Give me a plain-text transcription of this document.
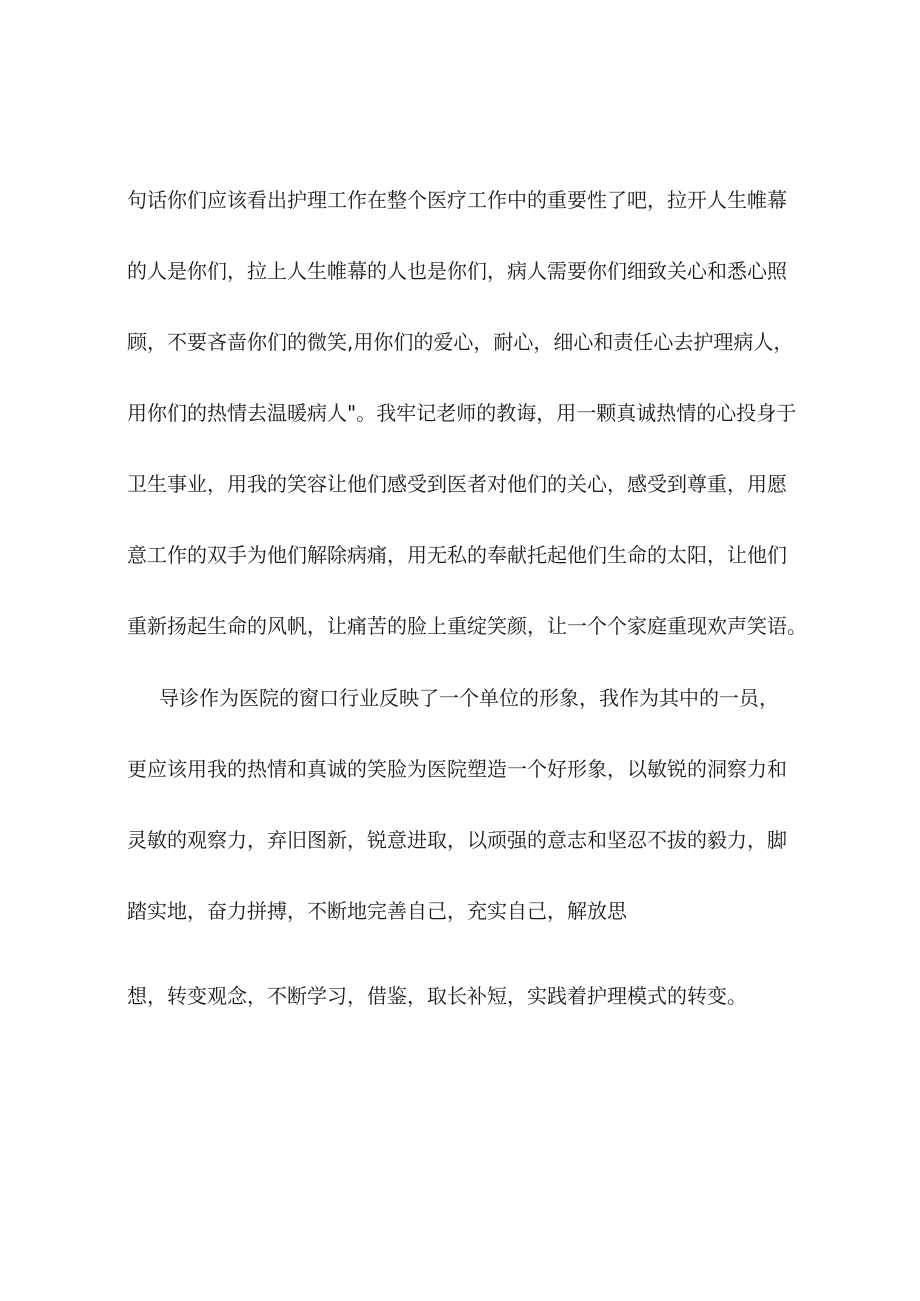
句话你们应该看出护理工作在整个医疗工作中的重要性了吧，拉开人生帷幕
的人是你们，拉上人生帷幕的人也是你们，病人需要你们细致关心和悉心照
顾，不要吝啬你们的微笑,用你们的爱心，耐心，细心和责任心去护理病人，
用你们的热情去温暖病人"。我牢记老师的教诲，用一颗真诚热情的心投身于
卫生事业，用我的笑容让他们感受到医者对他们的关心，感受到尊重，用愿
意工作的双手为他们解除病痛，用无私的奉献托起他们生命的太阳，让他们
重新扬起生命的风帆，让痛苦的脸上重绽笑颜，让一个个家庭重现欢声笑语。
导诊作为医院的窗口行业反映了一个单位的形象，我作为其中的一员，
更应该用我的热情和真诚的笑脸为医院塑造一个好形象，以敏锐的洞察力和
灵敏的观察力，弃旧图新，锐意进取，以顽强的意志和坚忍不拔的毅力，脚
踏实地，奋力拼搏，不断地完善自己，充实自己，解放思
想，转变观念，不断学习，借鉴，取长补短，实践着护理模式的转变。
